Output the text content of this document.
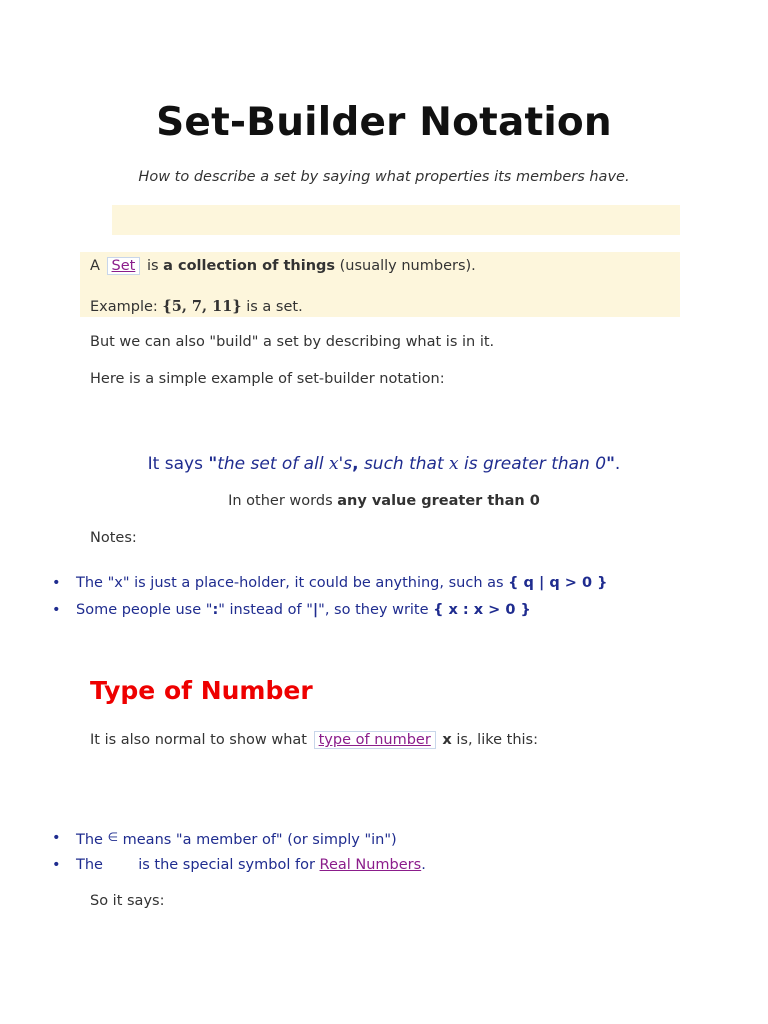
Set-Builder Notation
How to describe a set by saying what properties its members have.
A Set is a collection of things (usually numbers).
Example: {5, 7, 11} is a set.
But we can also "build" a set by describing what is in it.
Here is a simple example of set-builder notation:
It says "the set of all x's, such that x is greater than 0".
In other words any value greater than 0
Notes:
• The "x" is just a place-holder, it could be anything, such as { q | q > 0 }
• Some people use ":" instead of "|", so they write { x : x > 0 }
Type of Number
It is also normal to show what type of number x is, like this:
• The ∈ means "a member of" (or simply "in")
• The is the special symbol for Real Numbers.
So it says:
